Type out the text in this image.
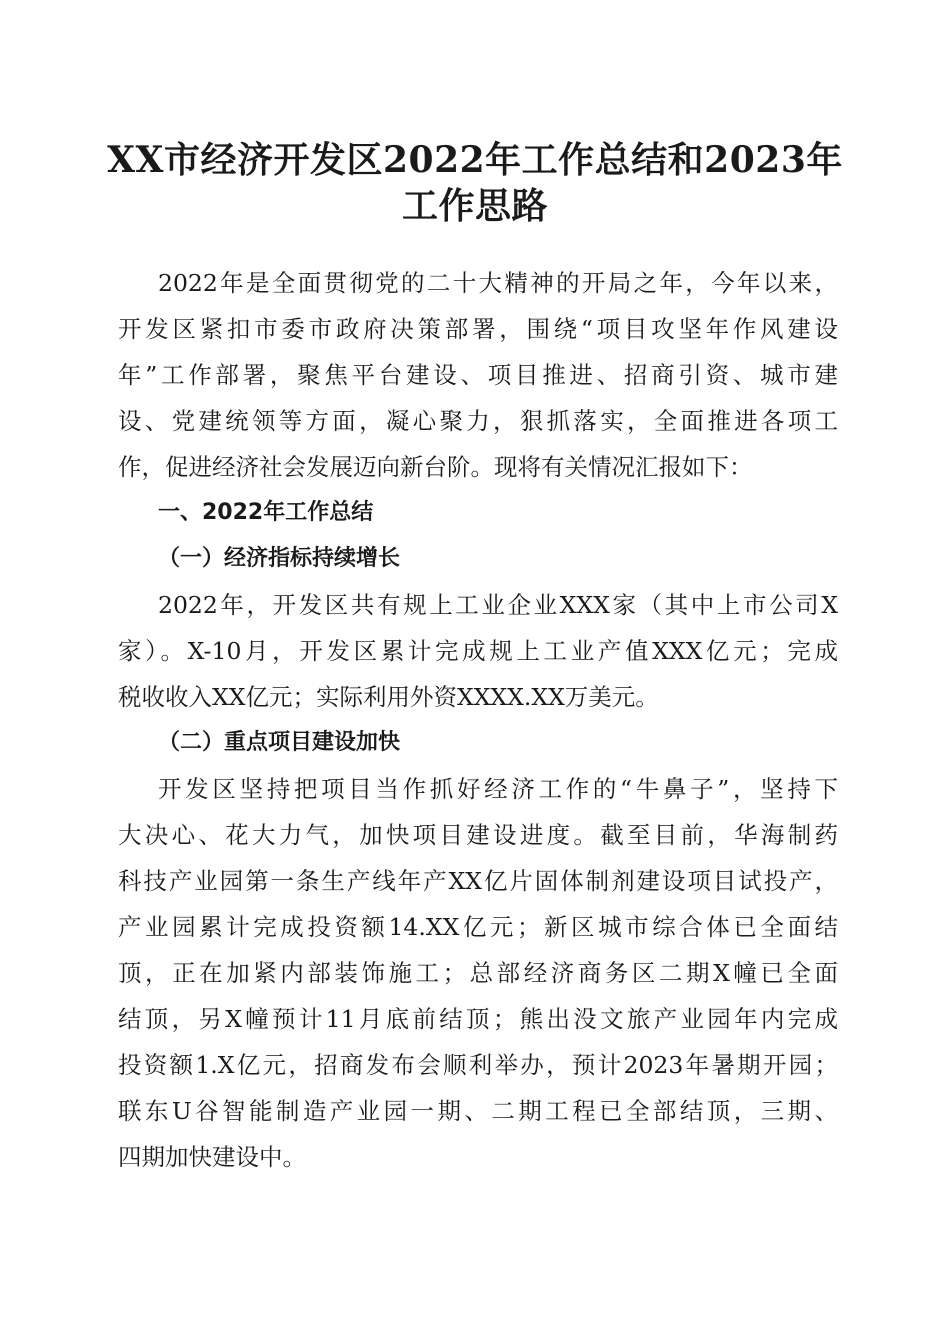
XX市经济开发区2022年工作总结和2023年
工作思路
2022年是全面贯彻党的二十大精神的开局之年，今年以来，
开发区紧扣市委市政府决策部署，围绕“项目攻坚年作风建设
年”工作部署，聚焦平台建设、项目推进、招商引资、城市建
设、党建统领等方面，凝心聚力，狠抓落实，全面推进各项工
作，促进经济社会发展迈向新台阶。现将有关情况汇报如下：
一、2022年工作总结
（一）经济指标持续增长
2022年，开发区共有规上工业企业XXX家（其中上市公司X
家）。X-10月，开发区累计完成规上工业产值XXX亿元；完成
税收收入XX亿元；实际利用外资XXXX.XX万美元。
（二）重点项目建设加快
开发区坚持把项目当作抓好经济工作的“牛鼻子”，坚持下
大决心、花大力气，加快项目建设进度。截至目前，华海制药
科技产业园第一条生产线年产XX亿片固体制剂建设项目试投产，
产业园累计完成投资额14.XX亿元；新区城市综合体已全面结
顶，正在加紧内部装饰施工；总部经济商务区二期X幢已全面
结顶，另X幢预计11月底前结顶；熊出没文旅产业园年内完成
投资额1.X亿元，招商发布会顺利举办，预计2023年暑期开园；
联东U谷智能制造产业园一期、二期工程已全部结顶，三期、
四期加快建设中。
